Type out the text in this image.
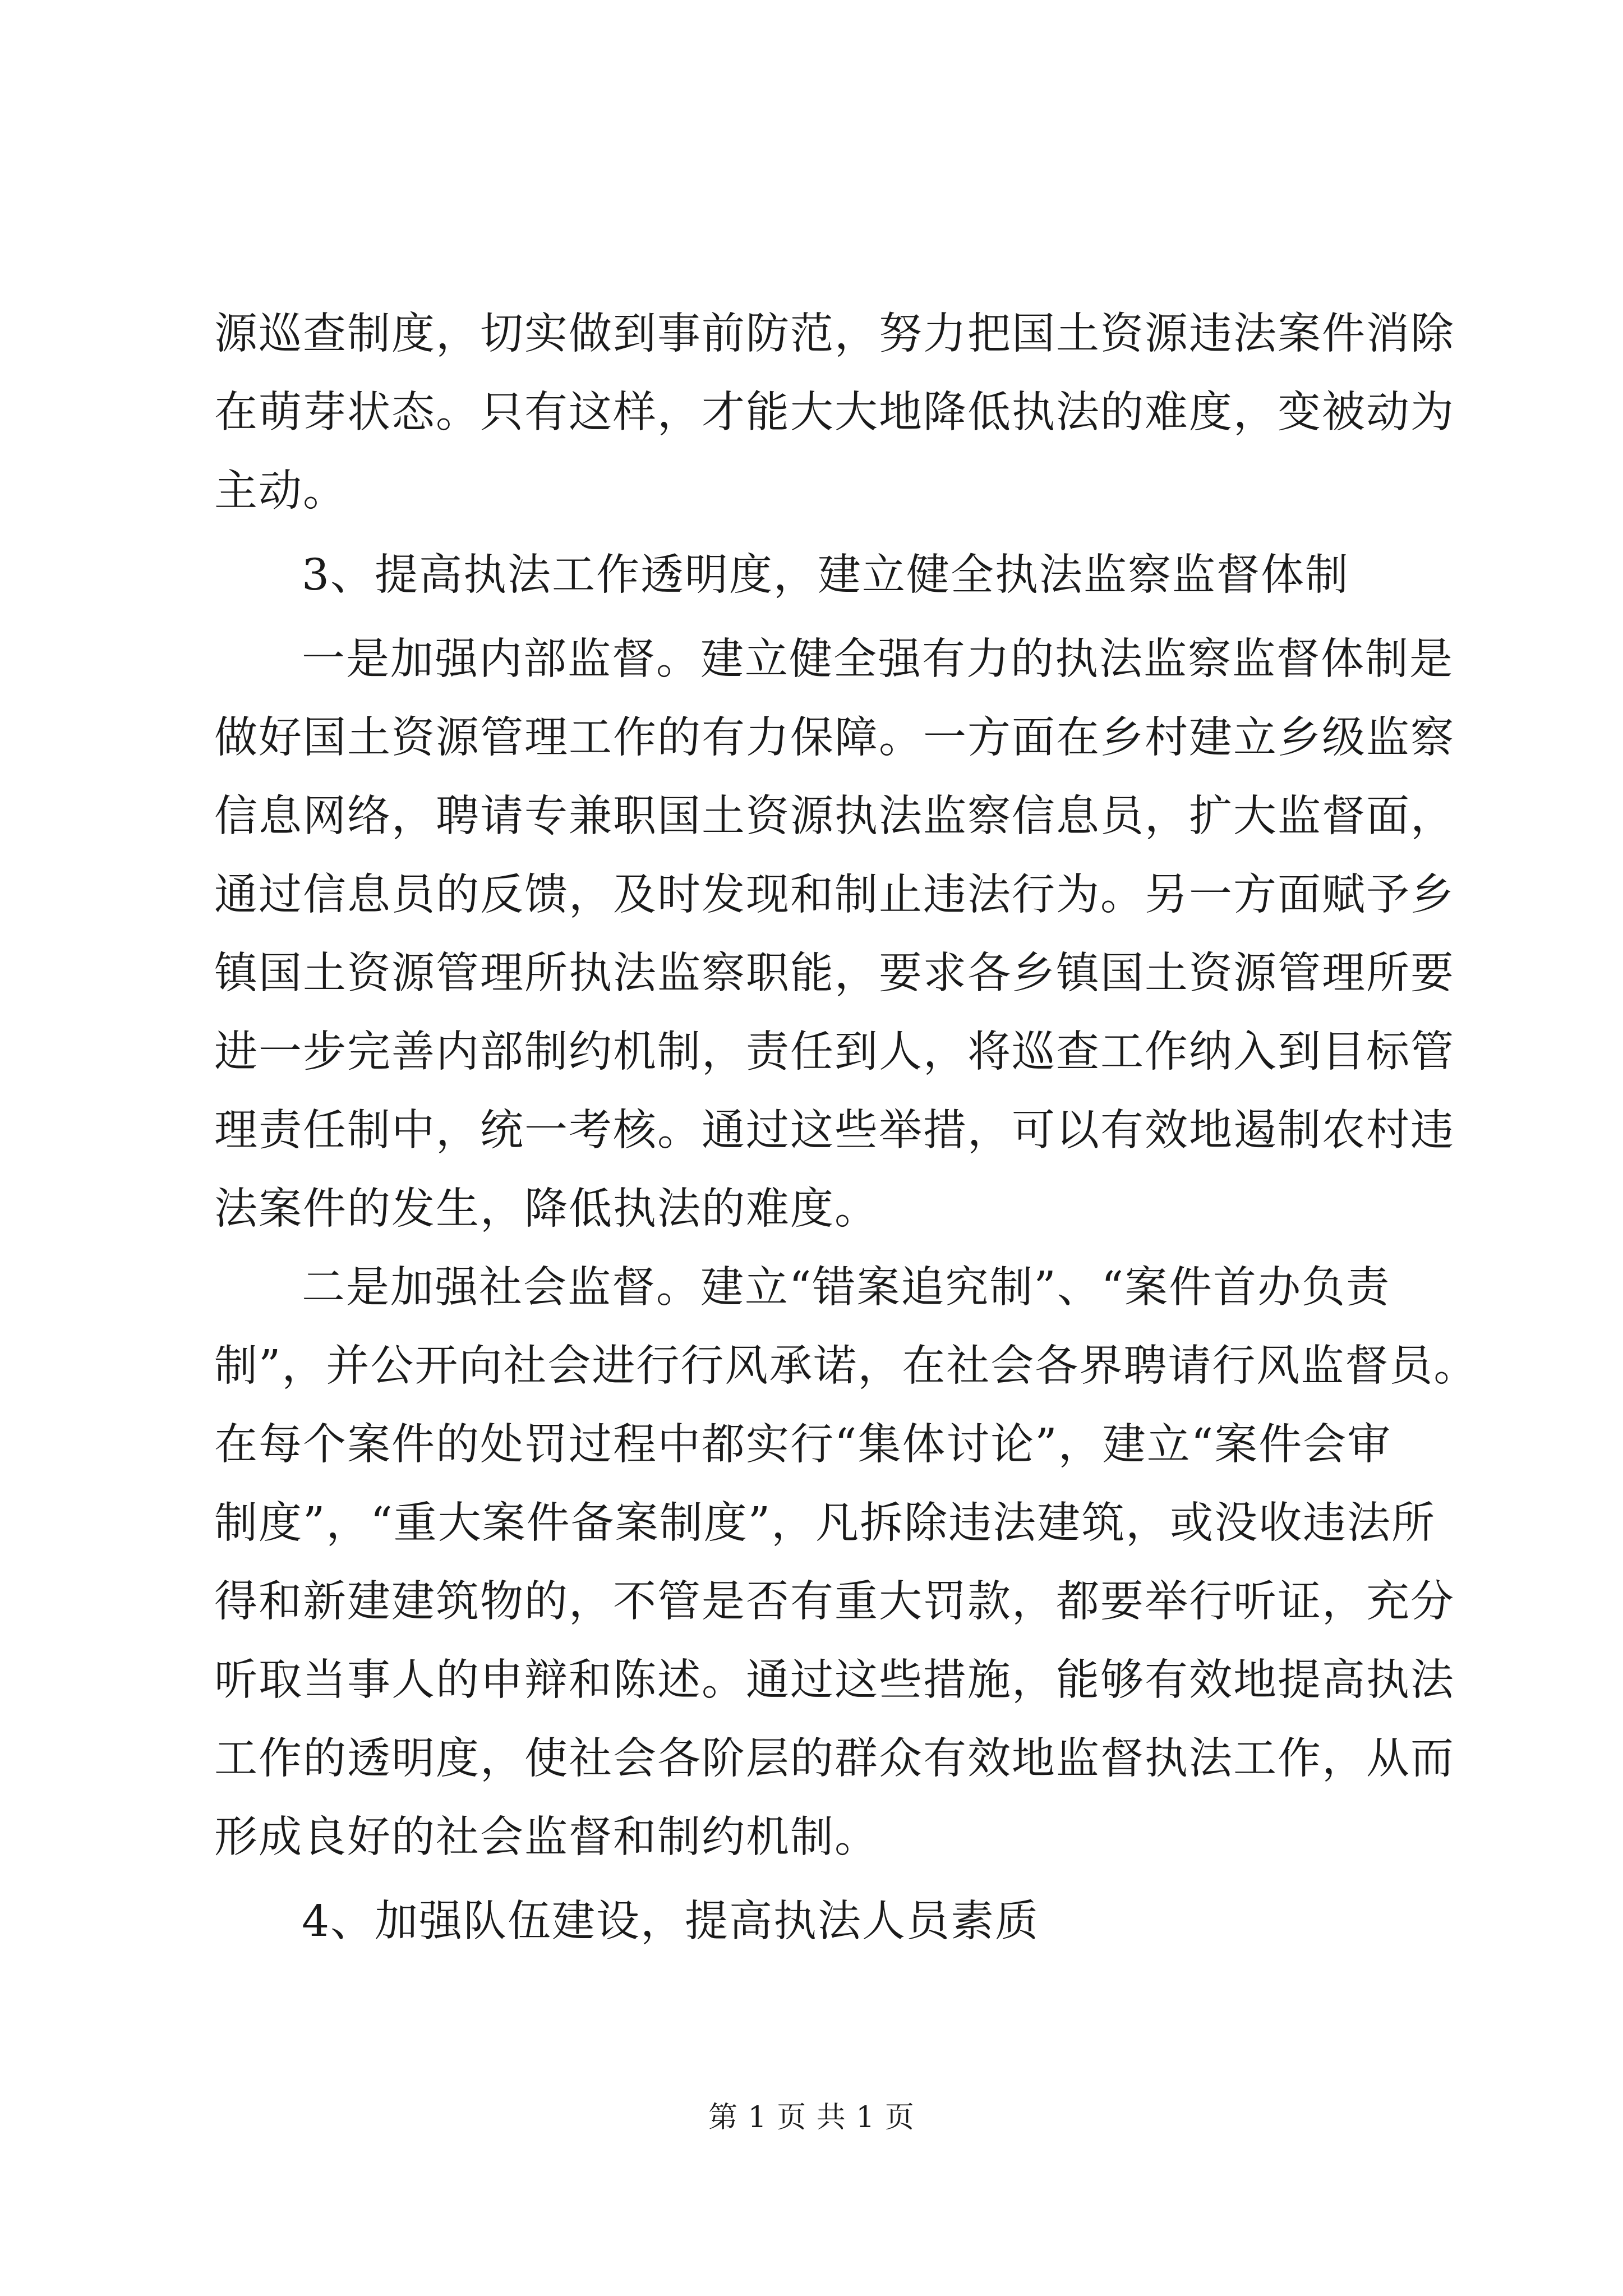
源巡查制度，切实做到事前防范，努力把国土资源违法案件消除
在萌芽状态。只有这样，才能大大地降低执法的难度，变被动为
主动。
3、提高执法工作透明度，建立健全执法监察监督体制
一是加强内部监督。建立健全强有力的执法监察监督体制是
做好国土资源管理工作的有力保障。一方面在乡村建立乡级监察
信息网络，聘请专兼职国土资源执法监察信息员，扩大监督面，
通过信息员的反馈，及时发现和制止违法行为。另一方面赋予乡
镇国土资源管理所执法监察职能，要求各乡镇国土资源管理所要
进一步完善内部制约机制，责任到人，将巡查工作纳入到目标管
理责任制中，统一考核。通过这些举措，可以有效地遏制农村违
法案件的发生，降低执法的难度。
二是加强社会监督。建立“错案追究制”、“案件首办负责
制”，并公开向社会进行行风承诺，在社会各界聘请行风监督员。
在每个案件的处罚过程中都实行“集体讨论”，建立“案件会审
制度”，“重大案件备案制度”，凡拆除违法建筑，或没收违法所
得和新建建筑物的，不管是否有重大罚款，都要举行听证，充分
听取当事人的申辩和陈述。通过这些措施，能够有效地提高执法
工作的透明度，使社会各阶层的群众有效地监督执法工作，从而
形成良好的社会监督和制约机制。
4、加强队伍建设，提高执法人员素质
第 1 页 共 1 页
